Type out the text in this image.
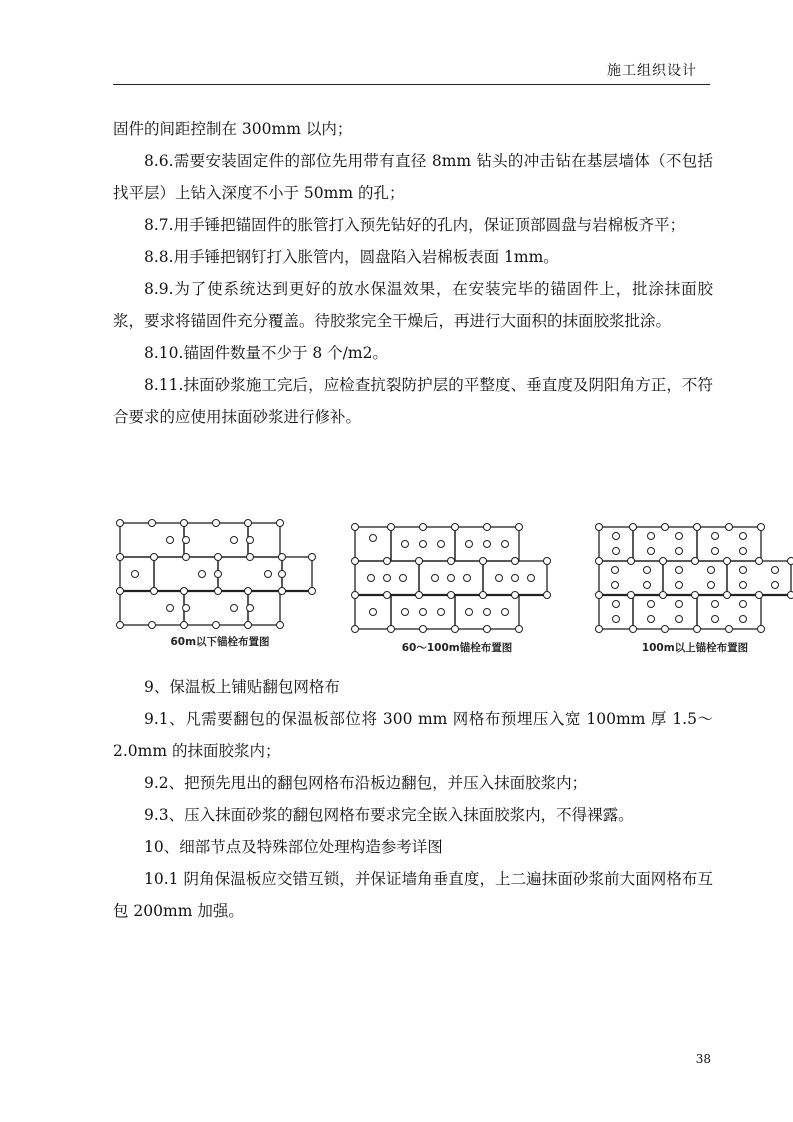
施工组织设计

固件的间距控制在 300mm 以内；

8.6.需要安装固定件的部位先用带有直径 8mm 钻头的冲击钻在基层墙体（不包括找平层）上钻入深度不小于 50mm 的孔；

8.7.用手锤把锚固件的胀管打入预先钻好的孔内，保证顶部圆盘与岩棉板齐平；

8.8.用手锤把钢钉打入胀管内，圆盘陷入岩棉板表面 1mm。

8.9.为了使系统达到更好的放水保温效果，在安装完毕的锚固件上，批涂抹面胶浆，要求将锚固件充分覆盖。待胶浆完全干燥后，再进行大面积的抹面胶浆批涂。

8.10.锚固件数量不少于 8 个/m2。

8.11.抹面砂浆施工完后，应检查抗裂防护层的平整度、垂直度及阴阳角方正，不符合要求的应使用抹面砂浆进行修补。

60m以下锚栓布置图	60～100m锚栓布置图	100m以上锚栓布置图

9、保温板上铺贴翻包网格布

9.1、凡需要翻包的保温板部位将 300 mm 网格布预埋压入宽 100mm 厚 1.5～2.0mm 的抹面胶浆内；

9.2、把预先甩出的翻包网格布沿板边翻包，并压入抹面胶浆内；

9.3、压入抹面砂浆的翻包网格布要求完全嵌入抹面胶浆内，不得裸露。

10、细部节点及特殊部位处理构造参考详图

10.1 阴角保温板应交错互锁，并保证墙角垂直度，上二遍抹面砂浆前大面网格布互包 200mm 加强。

38
